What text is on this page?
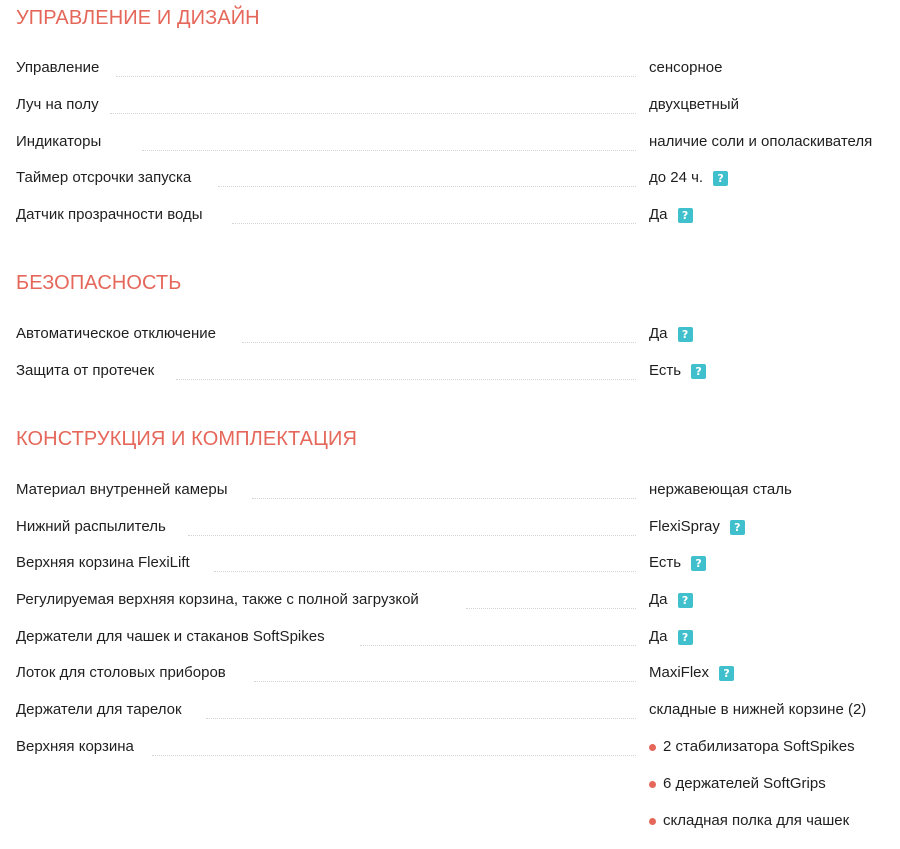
УПРАВЛЕНИЕ И ДИЗАЙН
Управление	сенсорное
Луч на полу	двухцветный
Индикаторы	наличие соли и ополаскивателя
Таймер отсрочки запуска	до 24 ч.	?
Датчик прозрачности воды	Да	?
БЕЗОПАСНОСТЬ
Автоматическое отключение	Да	?
Защита от протечек	Есть	?
КОНСТРУКЦИЯ И КОМПЛЕКТАЦИЯ
Материал внутренней камеры	нержавеющая сталь
Нижний распылитель	FlexiSpray	?
Верхняя корзина FlexiLift	Есть	?
Регулируемая верхняя корзина, также с полной загрузкой	Да	?
Держатели для чашек и стаканов SoftSpikes	Да	?
Лоток для столовых приборов	MaxiFlex	?
Держатели для тарелок	складные в нижней корзине (2)
Верхняя корзина	2 стабилизатора SoftSpikes
6 держателей SoftGrips
складная полка для чашек
